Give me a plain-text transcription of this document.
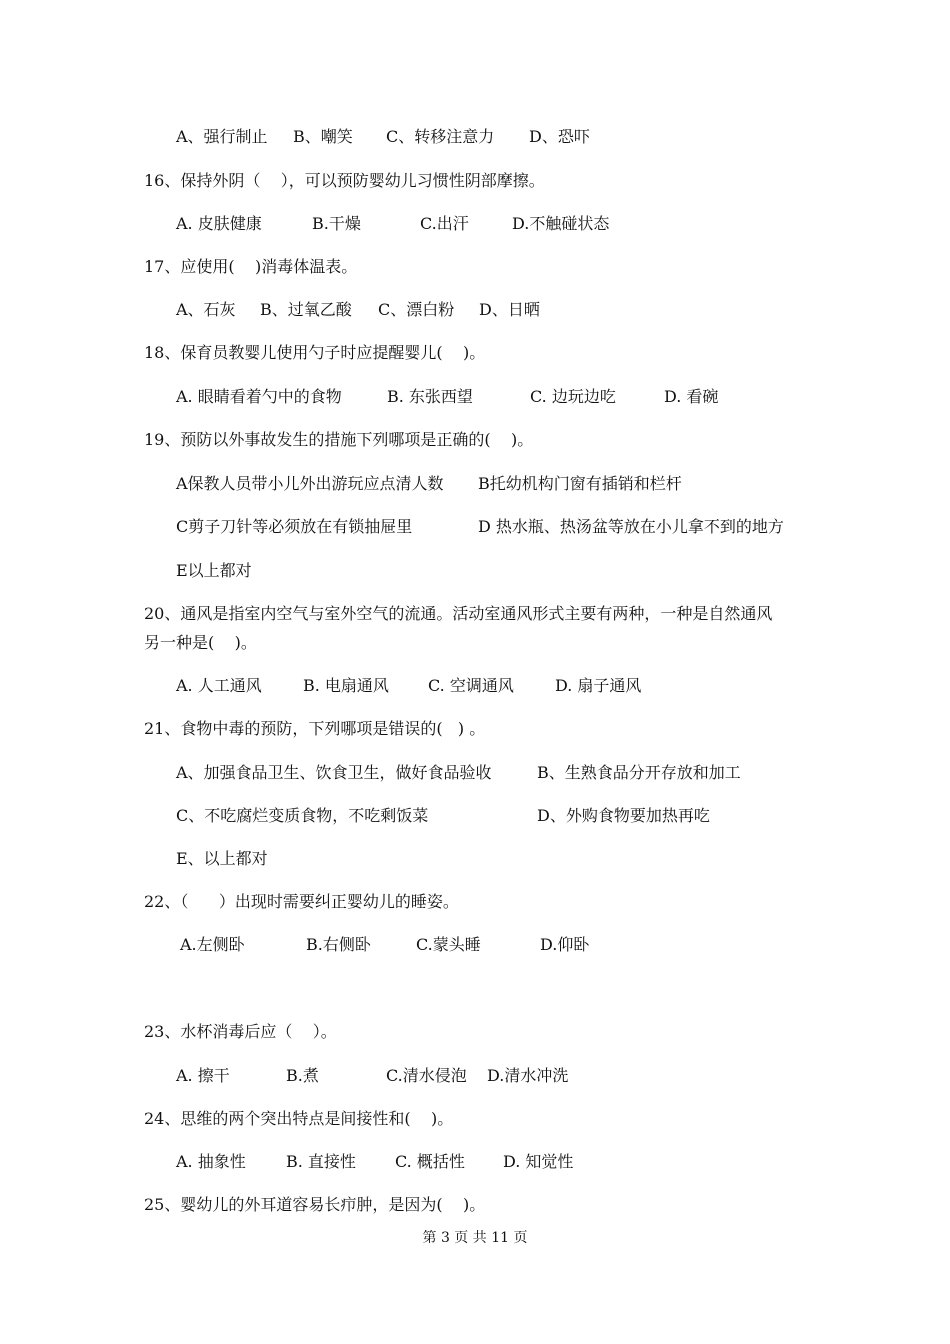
A、强行制止 B、嘲笑 C、转移注意力 D、恐吓
16、保持外阴（    ），可以预防婴幼儿习惯性阴部摩擦。
A. 皮肤健康	B.干燥	C.出汗	D.不触碰状态
17、应使用(    )消毒体温表。
A、石灰 B、过氧乙酸 C、漂白粉 D、日晒
18、保育员教婴儿使用勺子时应提醒婴儿(    )。
A. 眼睛看着勺中的食物	B. 东张西望	C. 边玩边吃	D. 看碗
19、预防以外事故发生的措施下列哪项是正确的(    )。
A保教人员带小儿外出游玩应点清人数 B托幼机构门窗有插销和栏杆
C剪子刀针等必须放在有锁抽屉里	D 热水瓶、热汤盆等放在小儿拿不到的地方
E以上都对
20、通风是指室内空气与室外空气的流通。活动室通风形式主要有两种，一种是自然通风
另一种是(    )。
A. 人工通风	B. 电扇通风 C. 空调通风	D. 扇子通风
21、食物中毒的预防，下列哪项是错误的(   ) 。
A、加强食品卫生、饮食卫生，做好食品验收	B、生熟食品分开存放和加工
C、不吃腐烂变质食物，不吃剩饭菜	D、外购食物要加热再吃
E、以上都对
22、（      ）出现时需要纠正婴幼儿的睡姿。
A.左侧卧	B.右侧卧	C.蒙头睡	D.仰卧
23、水杯消毒后应（    ）。
A. 擦干	B.煮	C.清水侵泡 D.清水冲洗
24、思维的两个突出特点是间接性和(    )。
A. 抽象性	B. 直接性 C. 概括性 D. 知觉性
25、婴幼儿的外耳道容易长疖肿，是因为(    )。
第 3 页 共 11 页
